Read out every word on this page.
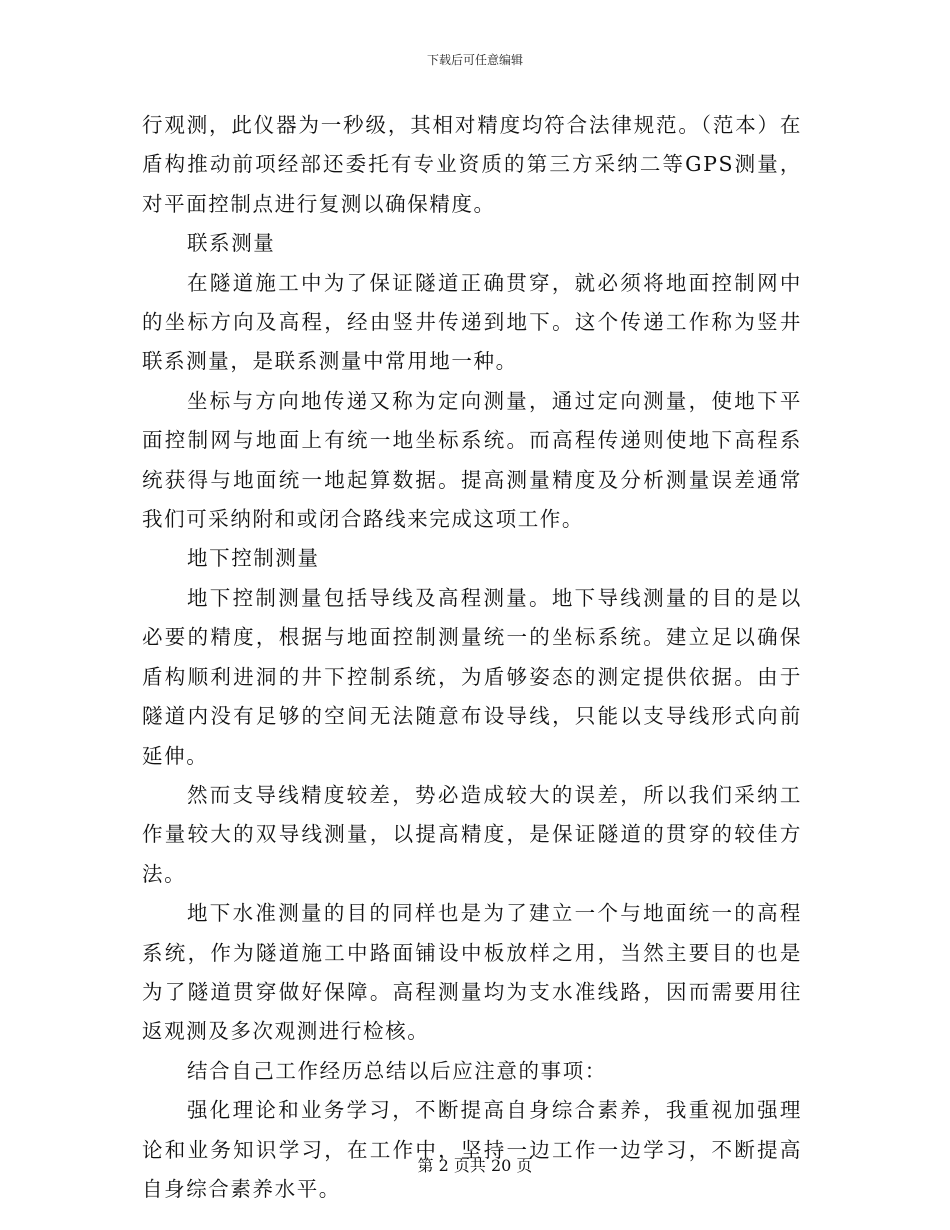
下载后可任意编辑

行观测，此仪器为一秒级，其相对精度均符合法律规范。（范本）在盾构推动前项经部还委托有专业资质的第三方采纳二等GPS测量，对平面控制点进行复测以确保精度。

联系测量

在隧道施工中为了保证隧道正确贯穿，就必须将地面控制网中的坐标方向及高程，经由竖井传递到地下。这个传递工作称为竖井联系测量，是联系测量中常用地一种。

坐标与方向地传递又称为定向测量，通过定向测量，使地下平面控制网与地面上有统一地坐标系统。而高程传递则使地下高程系统获得与地面统一地起算数据。提高测量精度及分析测量误差通常我们可采纳附和或闭合路线来完成这项工作。

地下控制测量

地下控制测量包括导线及高程测量。地下导线测量的目的是以必要的精度，根据与地面控制测量统一的坐标系统。建立足以确保盾构顺利进洞的井下控制系统，为盾够姿态的测定提供依据。由于隧道内没有足够的空间无法随意布设导线，只能以支导线形式向前延伸。

然而支导线精度较差，势必造成较大的误差，所以我们采纳工作量较大的双导线测量，以提高精度，是保证隧道的贯穿的较佳方法。

地下水准测量的目的同样也是为了建立一个与地面统一的高程系统，作为隧道施工中路面铺设中板放样之用，当然主要目的也是为了隧道贯穿做好保障。高程测量均为支水准线路，因而需要用往返观测及多次观测进行检核。

结合自己工作经历总结以后应注意的事项：

强化理论和业务学习，不断提高自身综合素养，我重视加强理论和业务知识学习，在工作中，坚持一边工作一边学习，不断提高自身综合素养水平。

第 2 页共 20 页
